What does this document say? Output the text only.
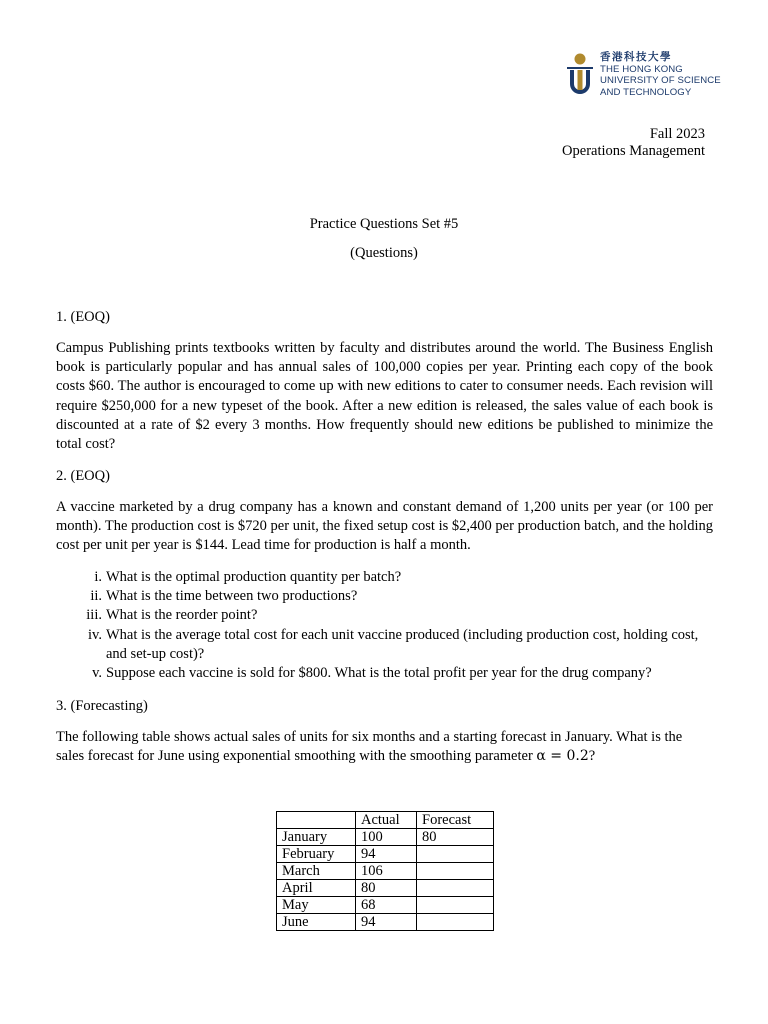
香港科技大學
THE HONG KONG
UNIVERSITY OF SCIENCE
AND TECHNOLOGY
Fall 2023
Operations Management
Practice Questions Set #5
(Questions)
1. (EOQ)
Campus Publishing prints textbooks written by faculty and distributes around the world. The Business English book is particularly popular and has annual sales of 100,000 copies per year. Printing each copy of the book costs $60. The author is encouraged to come up with new editions to cater to consumer needs. Each revision will require $250,000 for a new typeset of the book. After a new edition is released, the sales value of each book is discounted at a rate of $2 every 3 months. How frequently should new editions be published to minimize the total cost?
2. (EOQ)
A vaccine marketed by a drug company has a known and constant demand of 1,200 units per year (or 100 per month). The production cost is $720 per unit, the fixed setup cost is $2,400 per production batch, and the holding cost per unit per year is $144. Lead time for production is half a month.
i. What is the optimal production quantity per batch?
ii. What is the time between two productions?
iii. What is the reorder point?
iv. What is the average total cost for each unit vaccine produced (including production cost, holding cost, and set-up cost)?
v. Suppose each vaccine is sold for $800. What is the total profit per year for the drug company?
3. (Forecasting)
The following table shows actual sales of units for six months and a starting forecast in January. What is the sales forecast for June using exponential smoothing with the smoothing parameter α = 0.2?
	Actual	Forecast
January	100	80
February	94	
March	106	
April	80	
May	68	
June	94	
